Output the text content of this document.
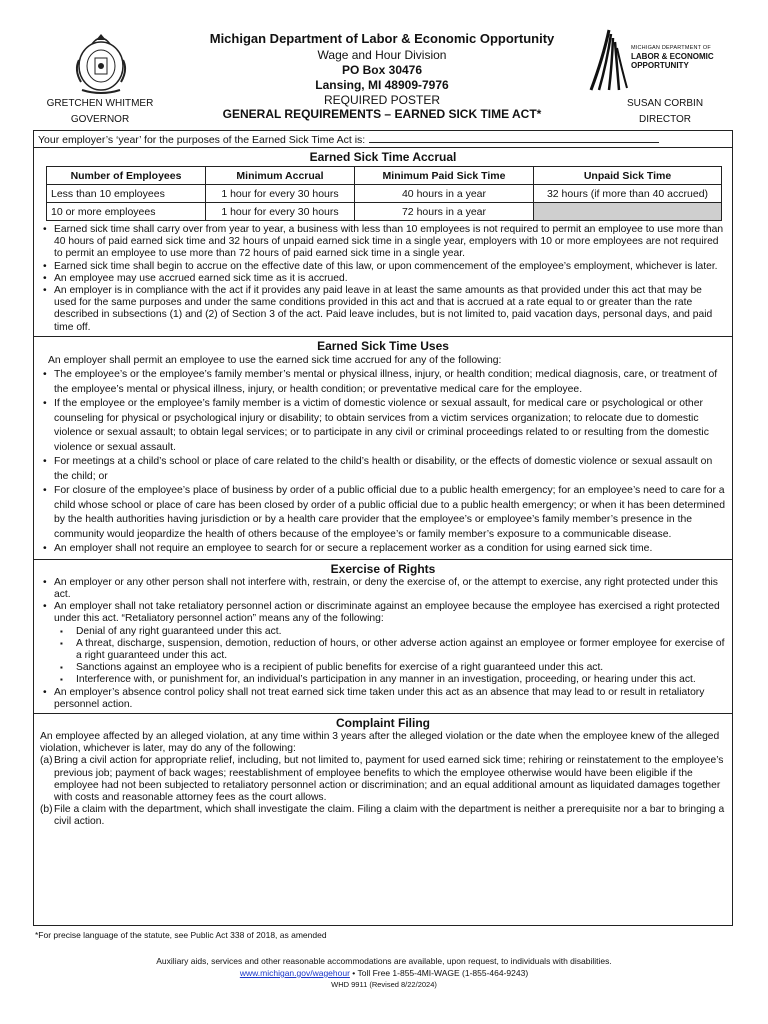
GRETCHEN WHITMER
GOVERNOR
Michigan Department of Labor & Economic Opportunity
Wage and Hour Division
PO Box 30476
Lansing, MI 48909-7976
REQUIRED POSTER
GENERAL REQUIREMENTS – EARNED SICK TIME ACT*
MICHIGAN DEPARTMENT OF
LABOR & ECONOMIC
OPPORTUNITY
SUSAN CORBIN
DIRECTOR
Your employer’s ‘year’ for the purposes of the Earned Sick Time Act is:
Earned Sick Time Accrual
Number of Employees	Minimum Accrual	Minimum Paid Sick Time	Unpaid Sick Time
Less than 10 employees	1 hour for every 30 hours	40 hours in a year	32 hours (if more than 40 accrued)
10 or more employees	1 hour for every 30 hours	72 hours in a year	
• Earned sick time shall carry over from year to year, a business with less than 10 employees is not required to permit an employee to use more than 40 hours of paid earned sick time and 32 hours of unpaid earned sick time in a single year, employers with 10 or more employees are not required to permit an employee to use more than 72 hours of paid earned sick time in a single year.
• Earned sick time shall begin to accrue on the effective date of this law, or upon commencement of the employee’s employment, whichever is later.
• An employee may use accrued earned sick time as it is accrued.
• An employer is in compliance with the act if it provides any paid leave in at least the same amounts as that provided under this act that may be used for the same purposes and under the same conditions provided in this act and that is accrued at a rate equal to or greater than the rate described in subsections (1) and (2) of Section 3 of the act. Paid leave includes, but is not limited to, paid vacation days, personal days, and paid time off.
Earned Sick Time Uses
An employer shall permit an employee to use the earned sick time accrued for any of the following:
• The employee’s or the employee’s family member’s mental or physical illness, injury, or health condition; medical diagnosis, care, or treatment of the employee’s mental or physical illness, injury, or health condition; or preventative medical care for the employee.
• If the employee or the employee’s family member is a victim of domestic violence or sexual assault, for medical care or psychological or other counseling for physical or psychological injury or disability; to obtain services from a victim services organization; to relocate due to domestic violence or sexual assault; to obtain legal services; or to participate in any civil or criminal proceedings related to or resulting from the domestic violence or sexual assault.
• For meetings at a child’s school or place of care related to the child’s health or disability, or the effects of domestic violence or sexual assault on the child; or
• For closure of the employee’s place of business by order of a public official due to a public health emergency; for an employee’s need to care for a child whose school or place of care has been closed by order of a public official due to a public health emergency; or when it has been determined by the health authorities having jurisdiction or by a health care provider that the employee’s or employee’s family member’s presence in the community would jeopardize the health of others because of the employee’s or family member’s exposure to a communicable disease.
• An employer shall not require an employee to search for or secure a replacement worker as a condition for using earned sick time.
Exercise of Rights
• An employer or any other person shall not interfere with, restrain, or deny the exercise of, or the attempt to exercise, any right protected under this act.
• An employer shall not take retaliatory personnel action or discriminate against an employee because the employee has exercised a right protected under this act. “Retaliatory personnel action” means any of the following:
▪ Denial of any right guaranteed under this act.
▪ A threat, discharge, suspension, demotion, reduction of hours, or other adverse action against an employee or former employee for exercise of a right guaranteed under this act.
▪ Sanctions against an employee who is a recipient of public benefits for exercise of a right guaranteed under this act.
▪ Interference with, or punishment for, an individual’s participation in any manner in an investigation, proceeding, or hearing under this act.
• An employer’s absence control policy shall not treat earned sick time taken under this act as an absence that may lead to or result in retaliatory personnel action.
Complaint Filing
An employee affected by an alleged violation, at any time within 3 years after the alleged violation or the date when the employee knew of the alleged violation, whichever is later, may do any of the following:
(a) Bring a civil action for appropriate relief, including, but not limited to, payment for used earned sick time; rehiring or reinstatement to the employee’s previous job; payment of back wages; reestablishment of employee benefits to which the employee otherwise would have been eligible if the employee had not been subjected to retaliatory personnel action or discrimination; and an equal additional amount as liquidated damages together with costs and reasonable attorney fees as the court allows.
(b) File a claim with the department, which shall investigate the claim. Filing a claim with the department is neither a prerequisite nor a bar to bringing a civil action.
*For precise language of the statute, see Public Act 338 of 2018, as amended
Auxiliary aids, services and other reasonable accommodations are available, upon request, to individuals with disabilities.
www.michigan.gov/wagehour • Toll Free 1-855-4MI-WAGE (1-855-464-9243)
WHD 9911 (Revised 8/22/2024)
